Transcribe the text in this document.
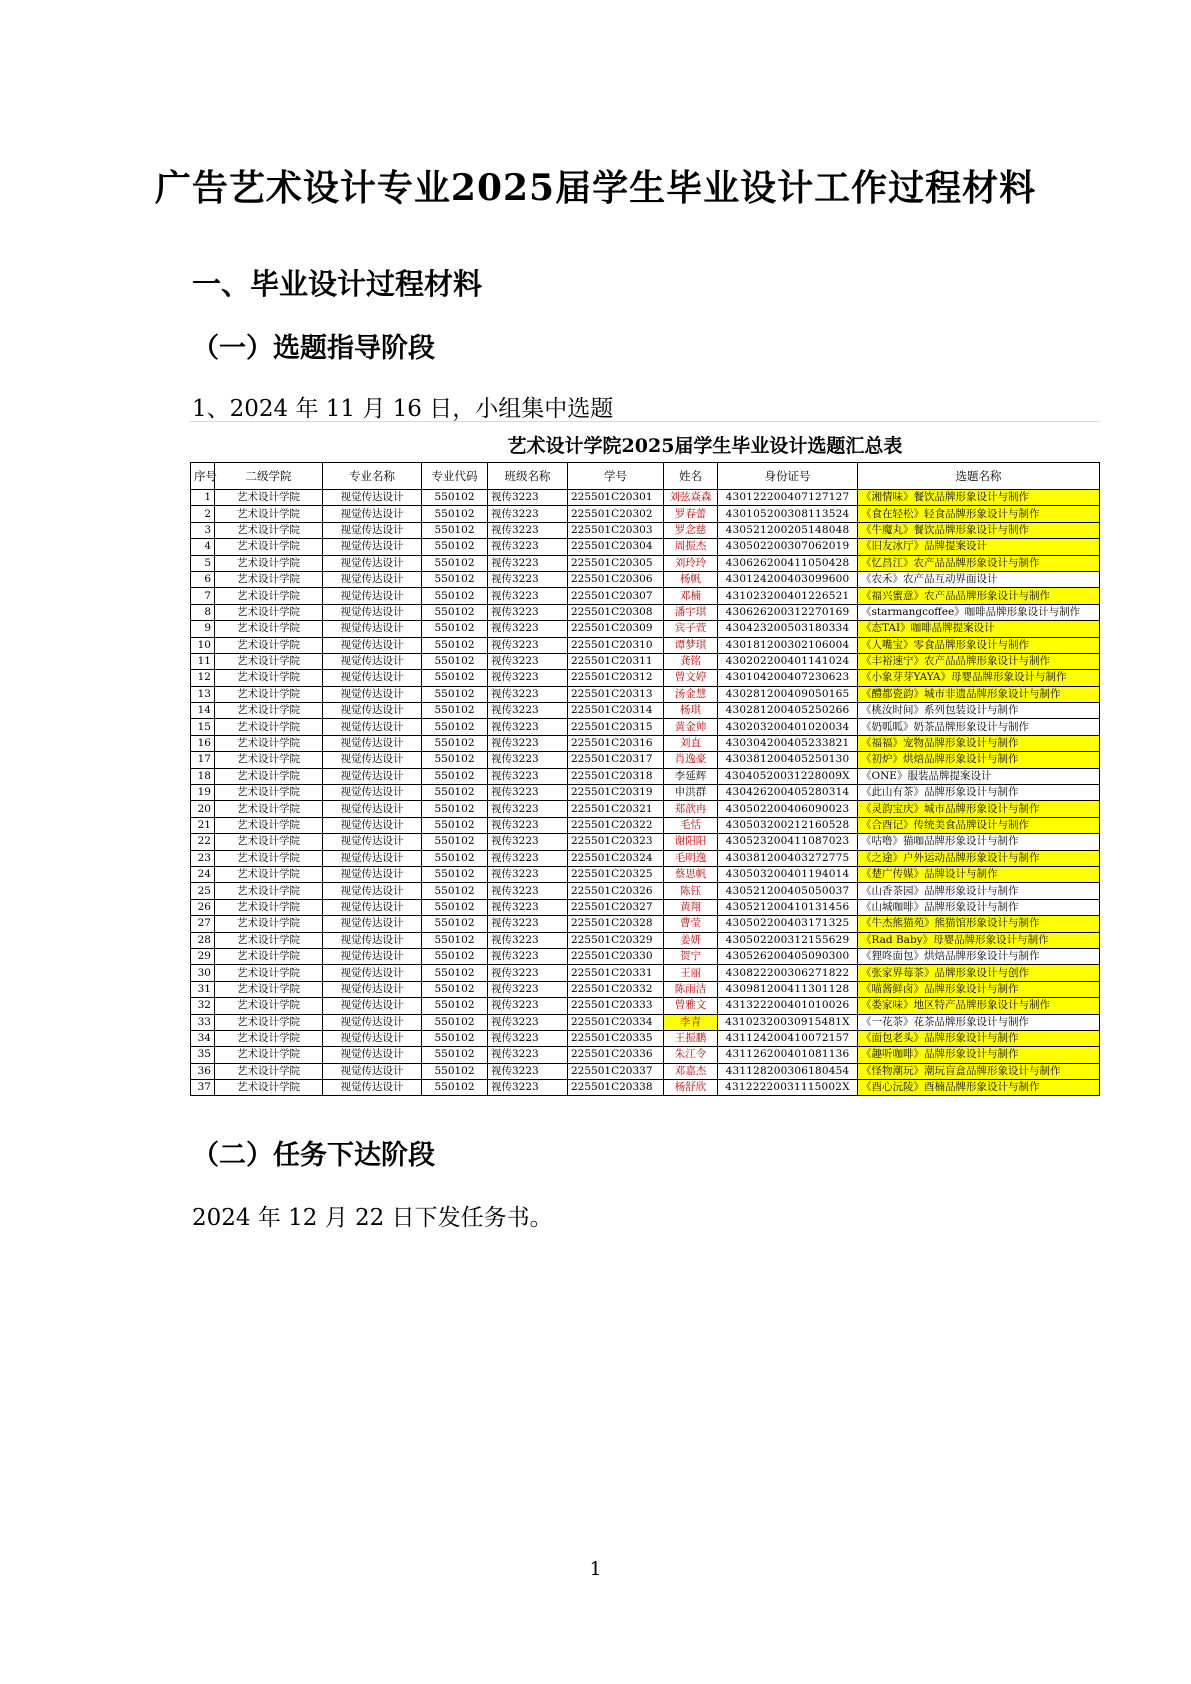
广告艺术设计专业2025届学生毕业设计工作过程材料
一、毕业设计过程材料
（一）选题指导阶段
1、2024 年 11 月 16 日，小组集中选题
艺术设计学院2025届学生毕业设计选题汇总表
序号	二级学院	专业名称	专业代码	班级名称	学号	姓名	身份证号	选题名称
1	艺术设计学院	视觉传达设计	550102	视传3223	225501C20301	刘弦焱森	430122200407127127	《湘情味》餐饮品牌形象设计与制作
2	艺术设计学院	视觉传达设计	550102	视传3223	225501C20302	罗春蕾	430105200308113524	《食在轻松》轻食品牌形象设计与制作
3	艺术设计学院	视觉传达设计	550102	视传3223	225501C20303	罗念慈	430521200205148048	《牛魔丸》餐饮品牌形象设计与制作
4	艺术设计学院	视觉传达设计	550102	视传3223	225501C20304	周振杰	430502200307062019	《旧友冰厅》品牌提案设计
5	艺术设计学院	视觉传达设计	550102	视传3223	225501C20305	刘玲玲	430626200411050428	《忆昌江》农产品品牌形象设计与制作
6	艺术设计学院	视觉传达设计	550102	视传3223	225501C20306	杨帆	430124200403099600	《农禾》农产品互动界面设计
7	艺术设计学院	视觉传达设计	550102	视传3223	225501C20307	邓楠	431023200401226521	《福兴蜜意》农产品品牌形象设计与制作
8	艺术设计学院	视觉传达设计	550102	视传3223	225501C20308	潘宇琪	430626200312270169	《starmangcoffee》咖啡品牌形象设计与制作
9	艺术设计学院	视觉传达设计	550102	视传3223	225501C20309	宾子萱	430423200503180334	《态TAI》咖啡品牌提案设计
10	艺术设计学院	视觉传达设计	550102	视传3223	225501C20310	谭梦琪	430181200302106004	《人嘴宝》零食品牌形象设计与制作
11	艺术设计学院	视觉传达设计	550102	视传3223	225501C20311	龚铭	430202200401141024	《丰裕速宁》农产品品牌形象设计与制作
12	艺术设计学院	视觉传达设计	550102	视传3223	225501C20312	曾文婷	430104200407230623	《小象芽芽YAYA》母婴品牌形象设计与制作
13	艺术设计学院	视觉传达设计	550102	视传3223	225501C20313	汤金慧	430281200409050165	《醴都瓷韵》城市非遗品牌形象设计与制作
14	艺术设计学院	视觉传达设计	550102	视传3223	225501C20314	杨琪	430281200405250266	《桃汝时间》系列包装设计与制作
15	艺术设计学院	视觉传达设计	550102	视传3223	225501C20315	黄金帅	430203200401020034	《奶呱呱》奶茶品牌形象设计与制作
16	艺术设计学院	视觉传达设计	550102	视传3223	225501C20316	刘直	430304200405233821	《福福》宠物品牌形象设计与制作
17	艺术设计学院	视觉传达设计	550102	视传3223	225501C20317	肖逸豪	430381200405250130	《初炉》烘焙品牌形象设计与制作
18	艺术设计学院	视觉传达设计	550102	视传3223	225501C20318	李延辉	43040520031228009X	《ONE》服装品牌提案设计
19	艺术设计学院	视觉传达设计	550102	视传3223	225501C20319	申洪群	430426200405280314	《此山有茶》品牌形象设计与制作
20	艺术设计学院	视觉传达设计	550102	视传3223	225501C20321	郑歆冉	430502200406090023	《灵韵宝庆》城市品牌形象设计与制作
21	艺术设计学院	视觉传达设计	550102	视传3223	225501C20322	毛恬	430503200212160528	《合酉记》传统美食品牌设计与制作
22	艺术设计学院	视觉传达设计	550102	视传3223	225501C20323	谢阳阳	430523200411087023	《咕噜》猫咖品牌形象设计与制作
23	艺术设计学院	视觉传达设计	550102	视传3223	225501C20324	毛明逸	430381200403272775	《之途》户外运动品牌形象设计与制作
24	艺术设计学院	视觉传达设计	550102	视传3223	225501C20325	蔡思帆	430503200401194014	《楚广传媒》品牌设计与制作
25	艺术设计学院	视觉传达设计	550102	视传3223	225501C20326	陈钰	430521200405050037	《山香茶园》品牌形象设计与制作
26	艺术设计学院	视觉传达设计	550102	视传3223	225501C20327	黄翔	430521200410131456	《山城咖啡》品牌形象设计与制作
27	艺术设计学院	视觉传达设计	550102	视传3223	225501C20328	曹莹	430502200403171325	《牛杰熊猫苑》熊猫馆形象设计与制作
28	艺术设计学院	视觉传达设计	550102	视传3223	225501C20329	姜妍	430502200312155629	《Rad Baby》母婴品牌形象设计与制作
29	艺术设计学院	视觉传达设计	550102	视传3223	225501C20330	贺宁	430526200405090300	《狸咚面包》烘焙品牌形象设计与制作
30	艺术设计学院	视觉传达设计	550102	视传3223	225501C20331	王丽	430822200306271822	《张家界莓茶》品牌形象设计与创作
31	艺术设计学院	视觉传达设计	550102	视传3223	225501C20332	陈雨洁	430981200411301128	《喵酱鲜卤》品牌形象设计与制作
32	艺术设计学院	视觉传达设计	550102	视传3223	225501C20333	曾雅文	431322200401010026	《娄家味》地区特产品牌形象设计与制作
33	艺术设计学院	视觉传达设计	550102	视传3223	225501C20334	李青	43102320030915481X	《一花茶》花茶品牌形象设计与制作
34	艺术设计学院	视觉传达设计	550102	视传3223	225501C20335	王振鹏	431124200410072157	《面包老头》品牌形象设计与制作
35	艺术设计学院	视觉传达设计	550102	视传3223	225501C20336	朱江令	431126200401081136	《趣听咖啡》品牌形象设计与制作
36	艺术设计学院	视觉传达设计	550102	视传3223	225501C20337	邓嘉杰	431128200306180454	《怪物潮玩》潮玩盲盒品牌形象设计与制作
37	艺术设计学院	视觉传达设计	550102	视传3223	225501C20338	杨舒欣	43122220031115002X	《酉心沅陵》酉楠品牌形象设计与制作
（二）任务下达阶段
2024 年 12 月 22 日下发任务书。
1
